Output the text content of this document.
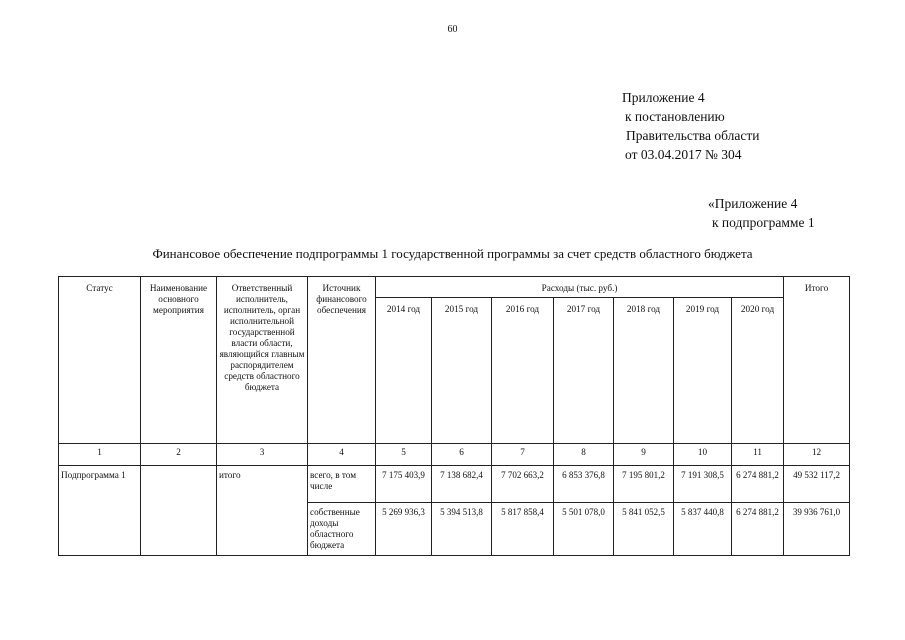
60
Приложение 4
к постановлению
Правительства области
от 03.04.2017 № 304
«Приложение 4
к подпрограмме 1
Финансовое обеспечение подпрограммы 1 государственной программы за счет средств областного бюджета
Статус	Наименование основного мероприятия	Ответственный исполнитель, исполнитель, орган исполнительной государственной власти области, являющийся главным распорядителем средств областного бюджета	Источник финансового обеспечения	Расходы (тыс. руб.)							Итого
				2014 год	2015 год	2016 год	2017 год	2018 год	2019 год	2020 год	
1	2	3	4	5	6	7	8	9	10	11	12
Подпрограмма 1		итого	всего, в том числе	7 175 403,9	7 138 682,4	7 702 663,2	6 853 376,8	7 195 801,2	7 191 308,5	6 274 881,2	49 532 117,2
			собственные доходы областного бюджета	5 269 936,3	5 394 513,8	5 817 858,4	5 501 078,0	5 841 052,5	5 837 440,8	6 274 881,2	39 936 761,0
